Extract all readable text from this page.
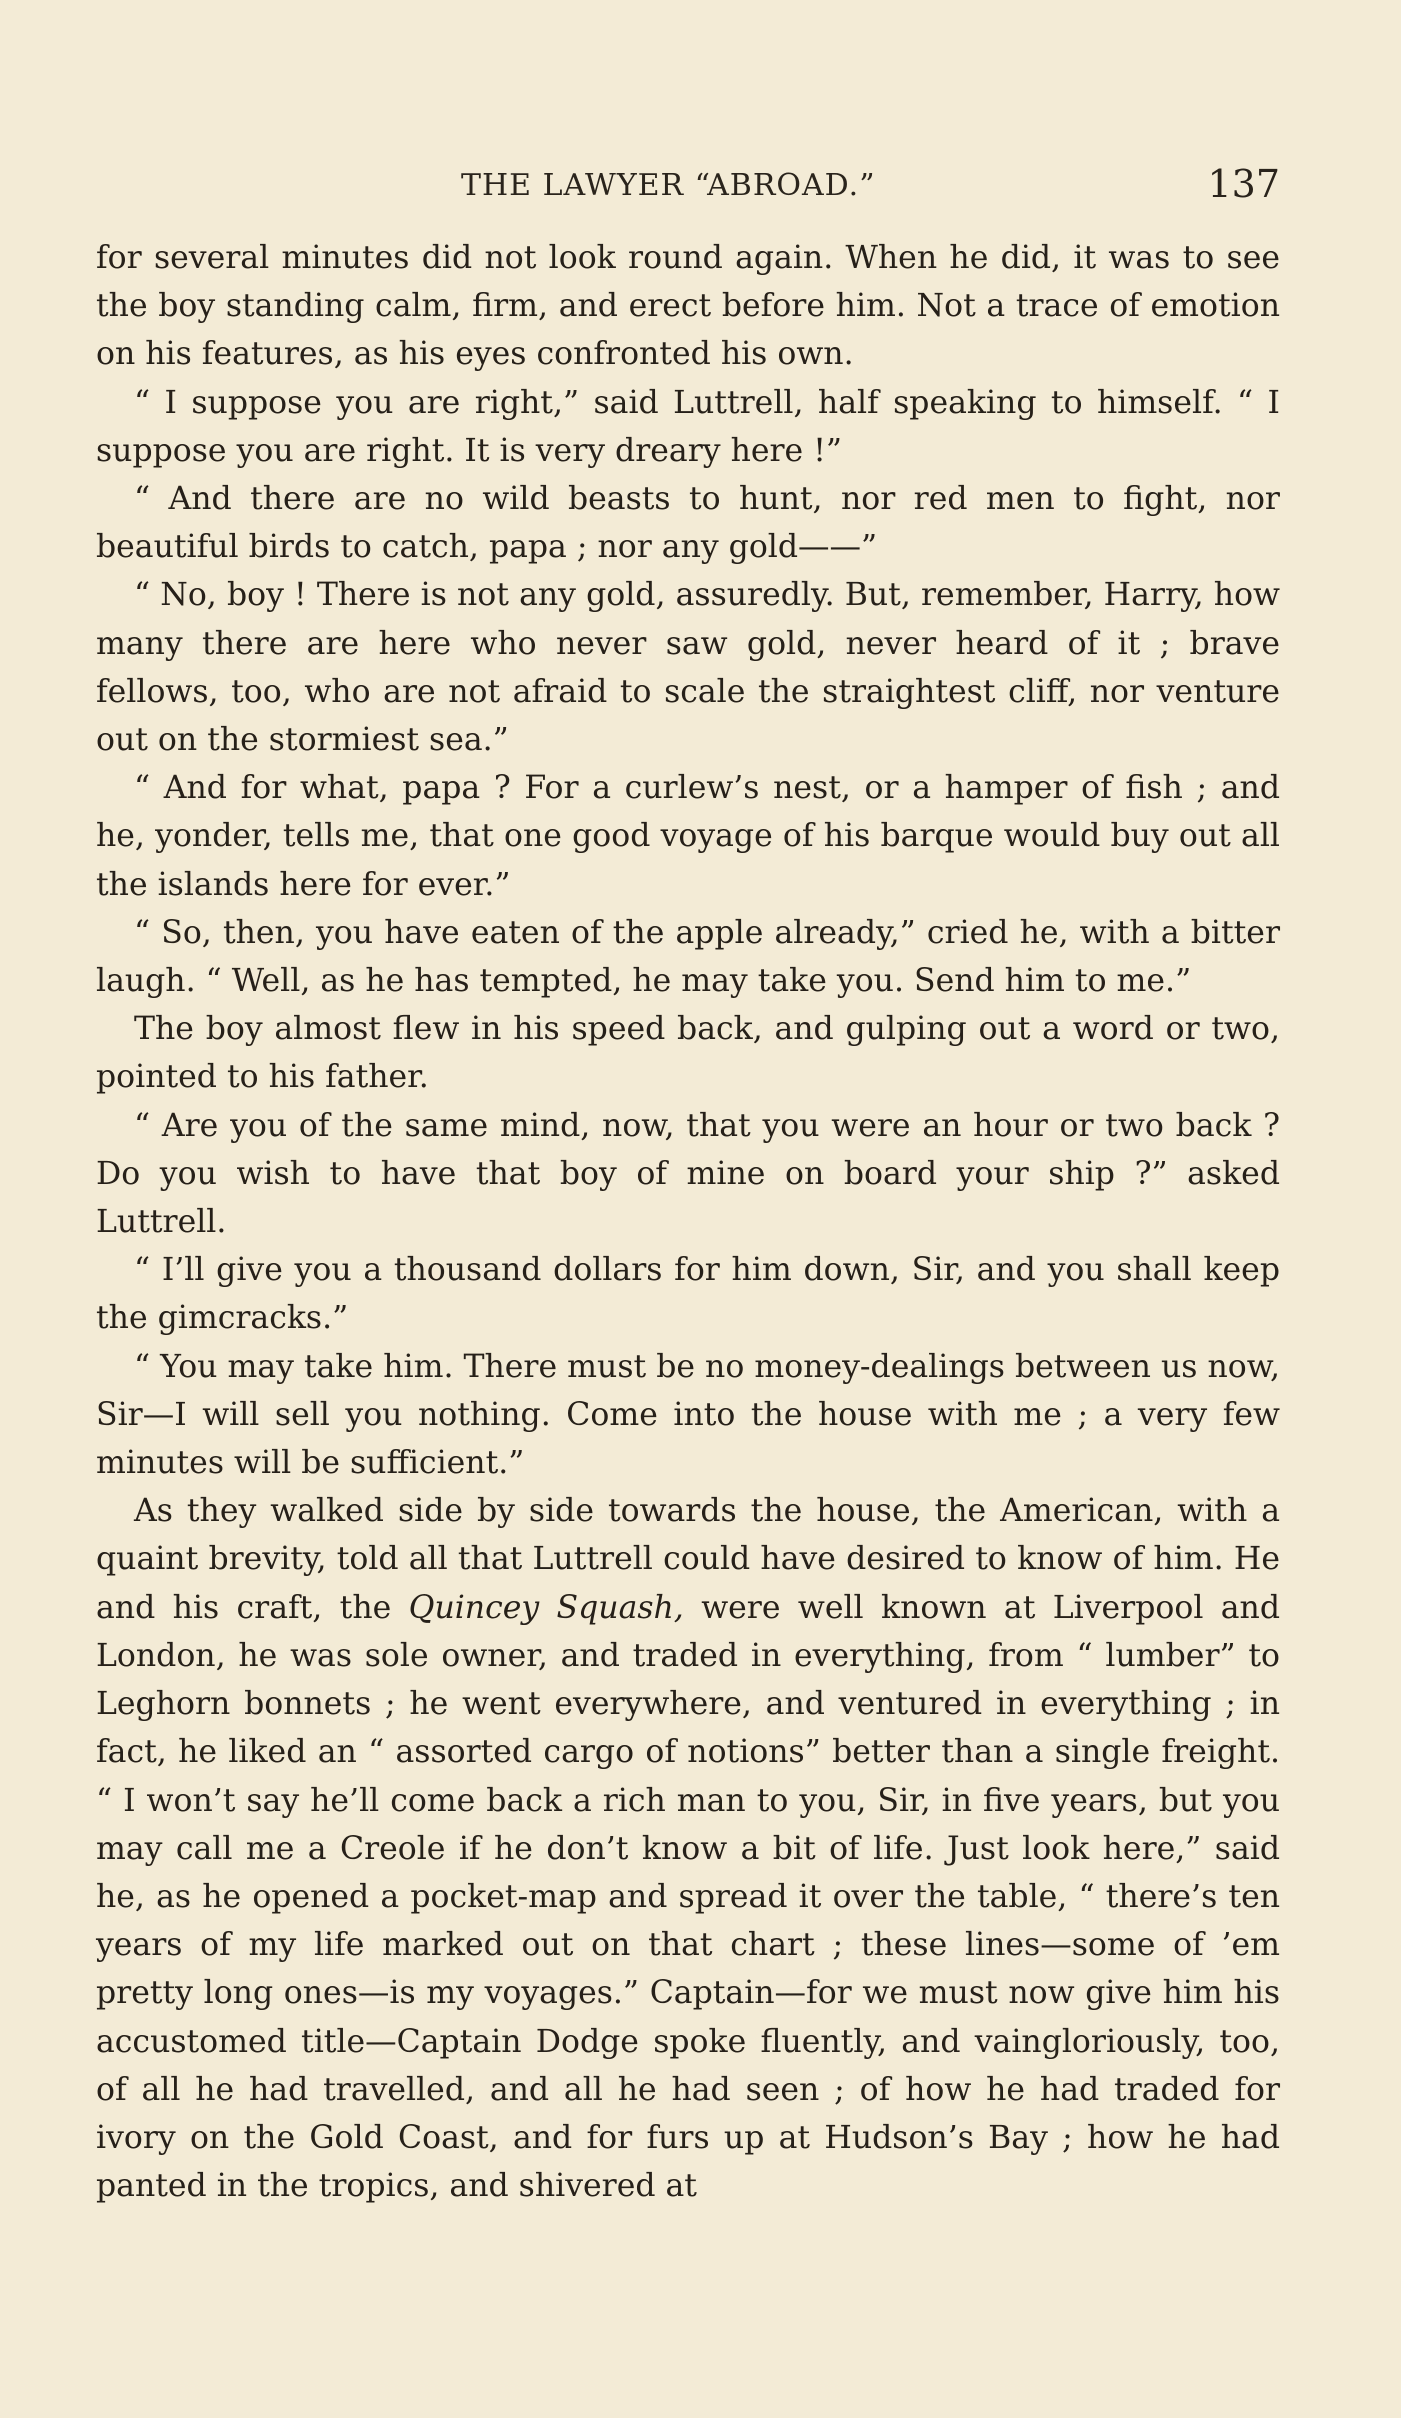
THE LAWYER “ABROAD.”	137

for several minutes did not look round again. When he did, it was to see the boy standing calm, firm, and erect before him. Not a trace of emotion on his features, as his eyes confronted his own.

“ I suppose you are right,” said Luttrell, half speaking to himself. “ I suppose you are right. It is very dreary here !”

“ And there are no wild beasts to hunt, nor red men to fight, nor beautiful birds to catch, papa ; nor any gold——”

“ No, boy ! There is not any gold, assuredly. But, remember, Harry, how many there are here who never saw gold, never heard of it ; brave fellows, too, who are not afraid to scale the straightest cliff, nor venture out on the stormiest sea.”

“ And for what, papa ? For a curlew’s nest, or a hamper of fish ; and he, yonder, tells me, that one good voyage of his barque would buy out all the islands here for ever.”

“ So, then, you have eaten of the apple already,” cried he, with a bitter laugh. “ Well, as he has tempted, he may take you. Send him to me.”

The boy almost flew in his speed back, and gulping out a word or two, pointed to his father.

“ Are you of the same mind, now, that you were an hour or two back ? Do you wish to have that boy of mine on board your ship ?” asked Luttrell.

“ I’ll give you a thousand dollars for him down, Sir, and you shall keep the gimcracks.”

“ You may take him. There must be no money-dealings between us now, Sir—I will sell you nothing. Come into the house with me ; a very few minutes will be sufficient.”

As they walked side by side towards the house, the American, with a quaint brevity, told all that Luttrell could have desired to know of him. He and his craft, the Quincey Squash, were well known at Liverpool and London, he was sole owner, and traded in everything, from “ lumber” to Leghorn bonnets ; he went everywhere, and ventured in everything ; in fact, he liked an “ assorted cargo of notions” better than a single freight. “ I won’t say he’ll come back a rich man to you, Sir, in five years, but you may call me a Creole if he don’t know a bit of life. Just look here,” said he, as he opened a pocket-map and spread it over the table, “ there’s ten years of my life marked out on that chart ; these lines—some of ’em pretty long ones—is my voyages.” Captain—for we must now give him his accustomed title—Captain Dodge spoke fluently, and vaingloriously, too, of all he had travelled, and all he had seen ; of how he had traded for ivory on the Gold Coast, and for furs up at Hudson’s Bay ; how he had panted in the tropics, and shivered at
